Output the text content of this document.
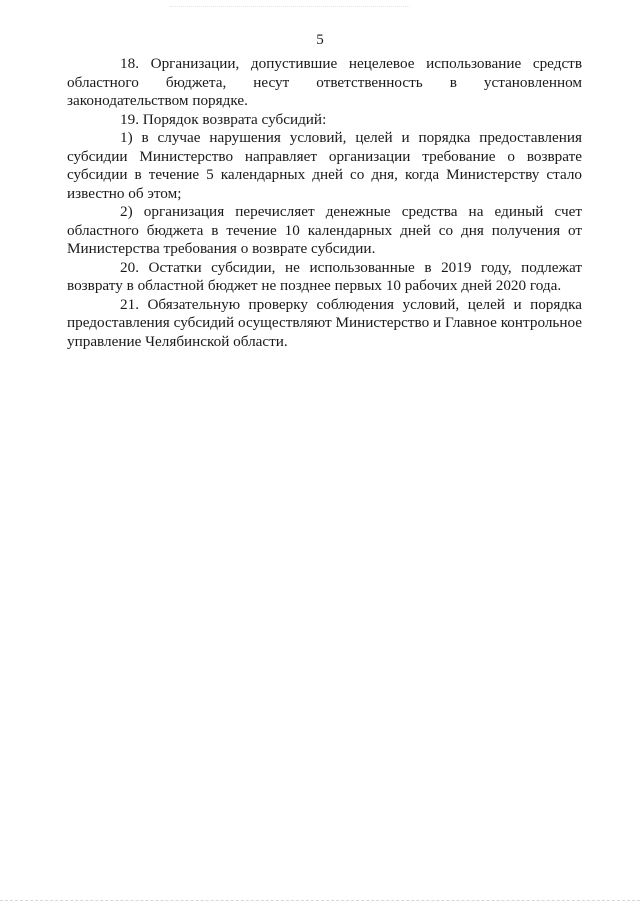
5

18. Организации, допустившие нецелевое использование средств областного бюджета, несут ответственность в установленном законодательством порядке.

19. Порядок возврата субсидий:

1) в случае нарушения условий, целей и порядка предоставления субсидии Министерство направляет организации требование о возврате субсидии в течение 5 календарных дней со дня, когда Министерству стало известно об этом;

2) организация перечисляет денежные средства на единый счет областного бюджета в течение 10 календарных дней со дня получения от Министерства требования о возврате субсидии.

20. Остатки субсидии, не использованные в 2019 году, подлежат возврату в областной бюджет не позднее первых 10 рабочих дней 2020 года.

21. Обязательную проверку соблюдения условий, целей и порядка предоставления субсидий осуществляют Министерство и Главное контрольное управление Челябинской области.
